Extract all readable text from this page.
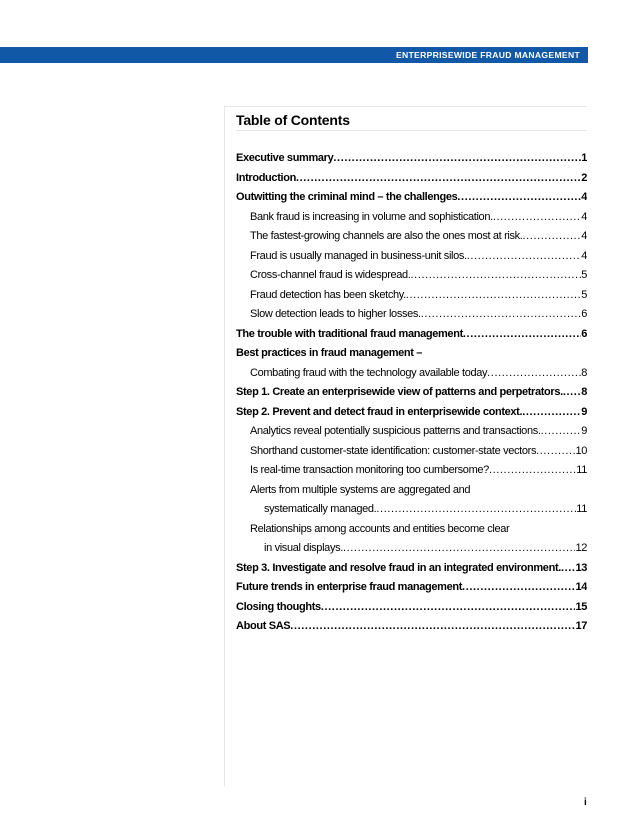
ENTERPRISEWIDE FRAUD MANAGEMENT
Table of Contents
Executive summary .....	1
Introduction .....	2
Outwitting the criminal mind – the challenges .....	4
Bank fraud is increasing in volume and sophistication. .....	4
The fastest-growing channels are also the ones most at risk. .....	4
Fraud is usually managed in business-unit silos. .....	4
Cross-channel fraud is widespread. .....	5
Fraud detection has been sketchy. .....	5
Slow detection leads to higher losses. .....	6
The trouble with traditional fraud management .....	6
Best practices in fraud management –
Combating fraud with the technology available today .....	8
Step 1. Create an enterprisewide view of patterns and perpetrators. ..... 8
Step 2. Prevent and detect fraud in enterprisewide context. .....	9
Analytics reveal potentially suspicious patterns and transactions. .....	9
Shorthand customer-state identification: customer-state vectors .....	10
Is real-time transaction monitoring too cumbersome? .....	11
Alerts from multiple systems are aggregated and
systematically managed. .....	11
Relationships among accounts and entities become clear
in visual displays. .....	12
Step 3. Investigate and resolve fraud in an integrated environment. ..... 13
Future trends in enterprise fraud management .....	14
Closing thoughts .....	15
About SAS .....	17
i
